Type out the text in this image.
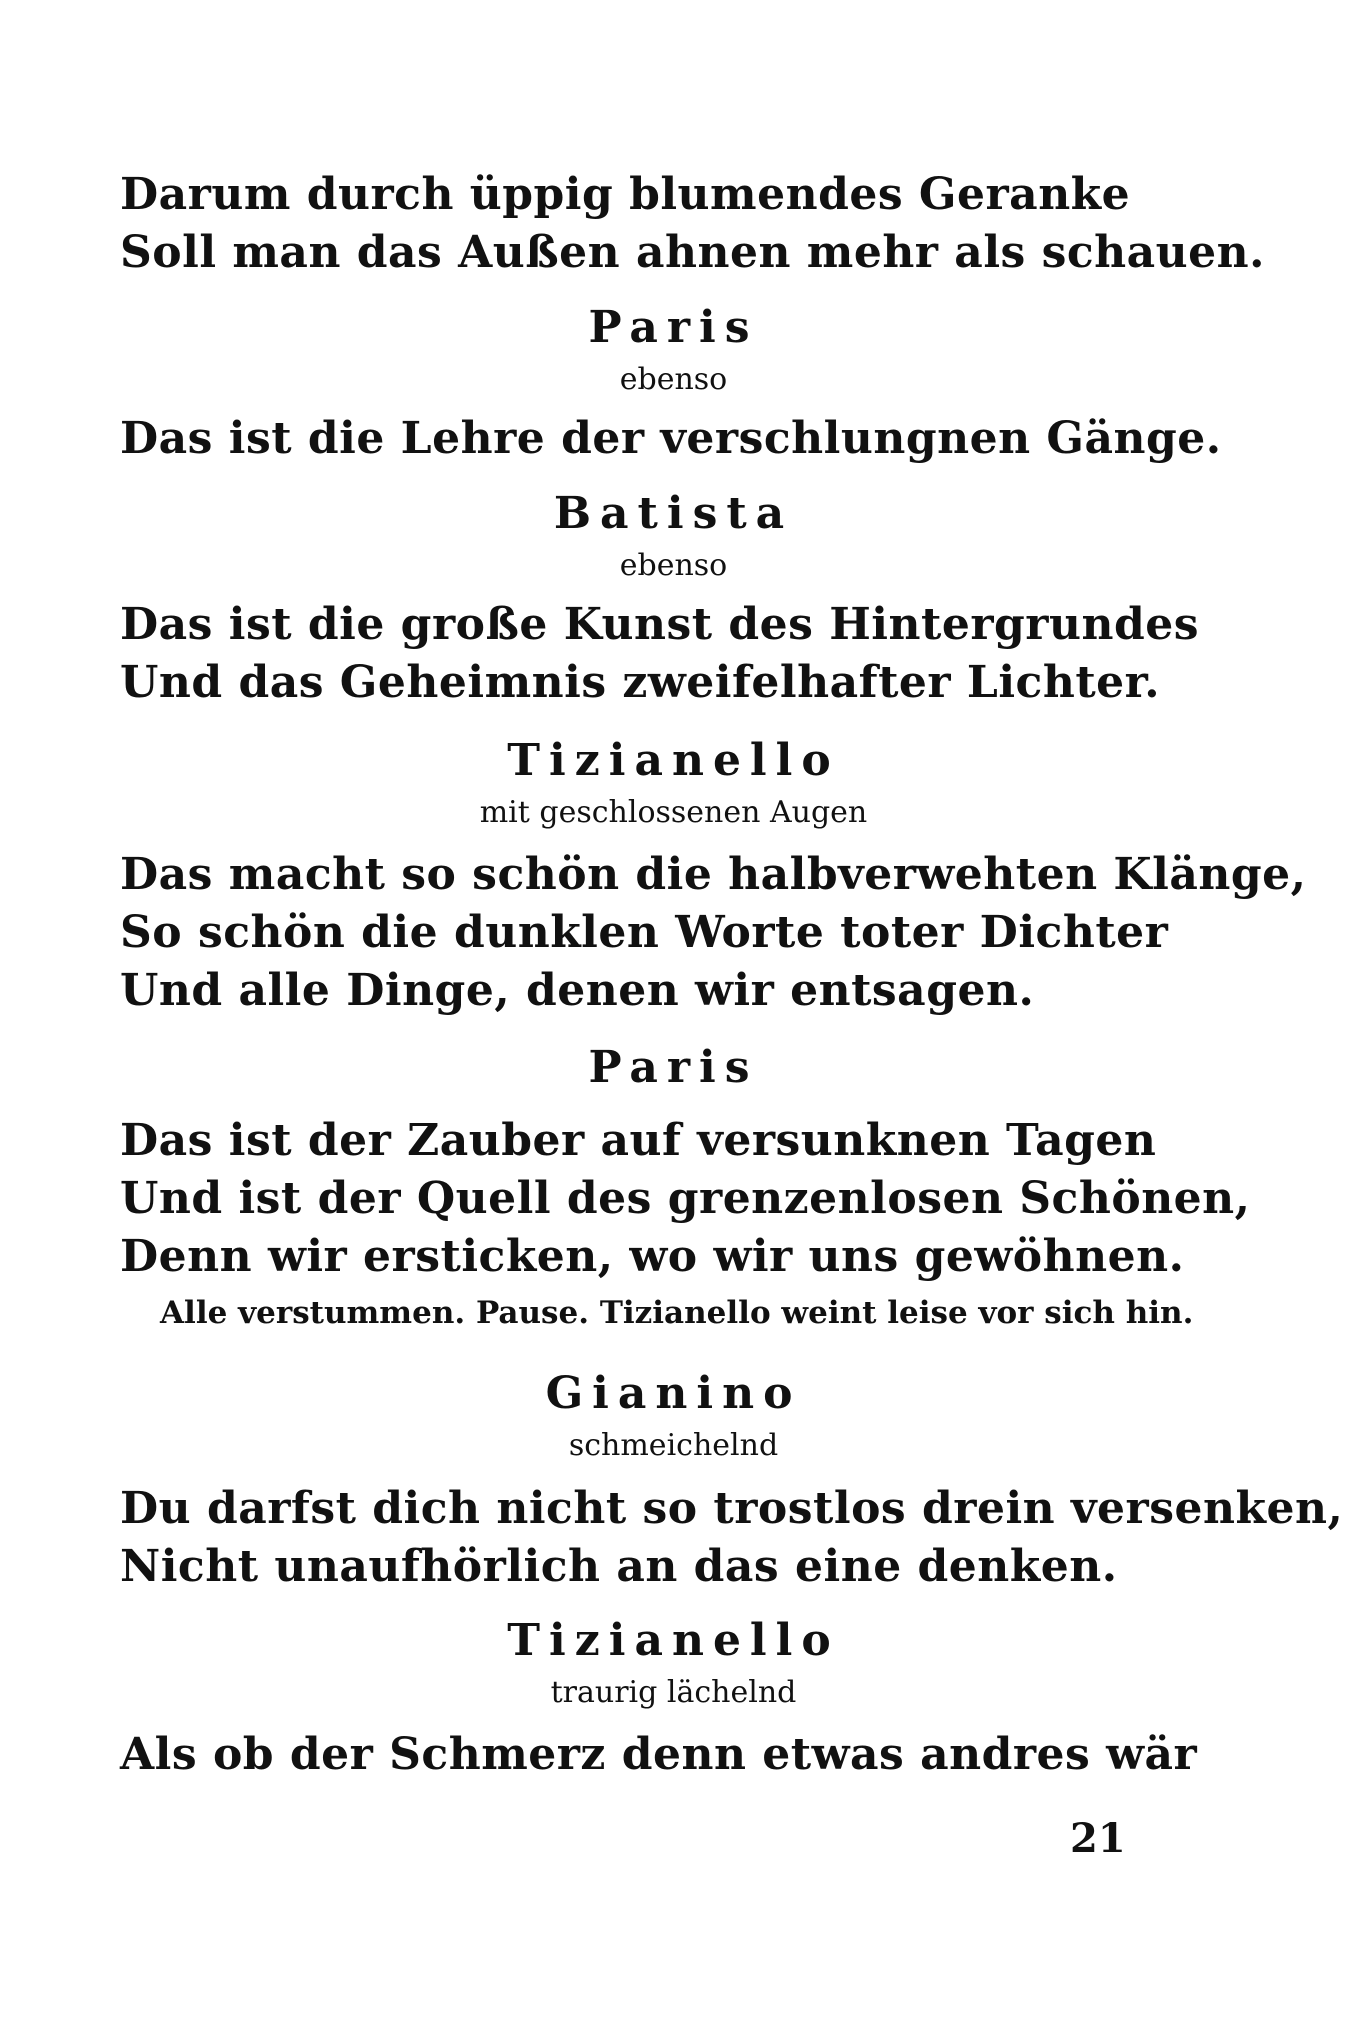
Darum durch üppig blumendes Geranke
Soll man das Außen ahnen mehr als schauen.
Paris
ebenso
Das ist die Lehre der verschlungnen Gänge.
Batista
ebenso
Das ist die große Kunst des Hintergrundes
Und das Geheimnis zweifelhafter Lichter.
Tizianello
mit geschlossenen Augen
Das macht so schön die halbverwehten Klänge,
So schön die dunklen Worte toter Dichter
Und alle Dinge, denen wir entsagen.
Paris
Das ist der Zauber auf versunknen Tagen
Und ist der Quell des grenzenlosen Schönen,
Denn wir ersticken, wo wir uns gewöhnen.
Alle verstummen. Pause. Tizianello weint leise vor sich hin.
Gianino
schmeichelnd
Du darfst dich nicht so trostlos drein versenken,
Nicht unaufhörlich an das eine denken.
Tizianello
traurig lächelnd
Als ob der Schmerz denn etwas andres wär
21
